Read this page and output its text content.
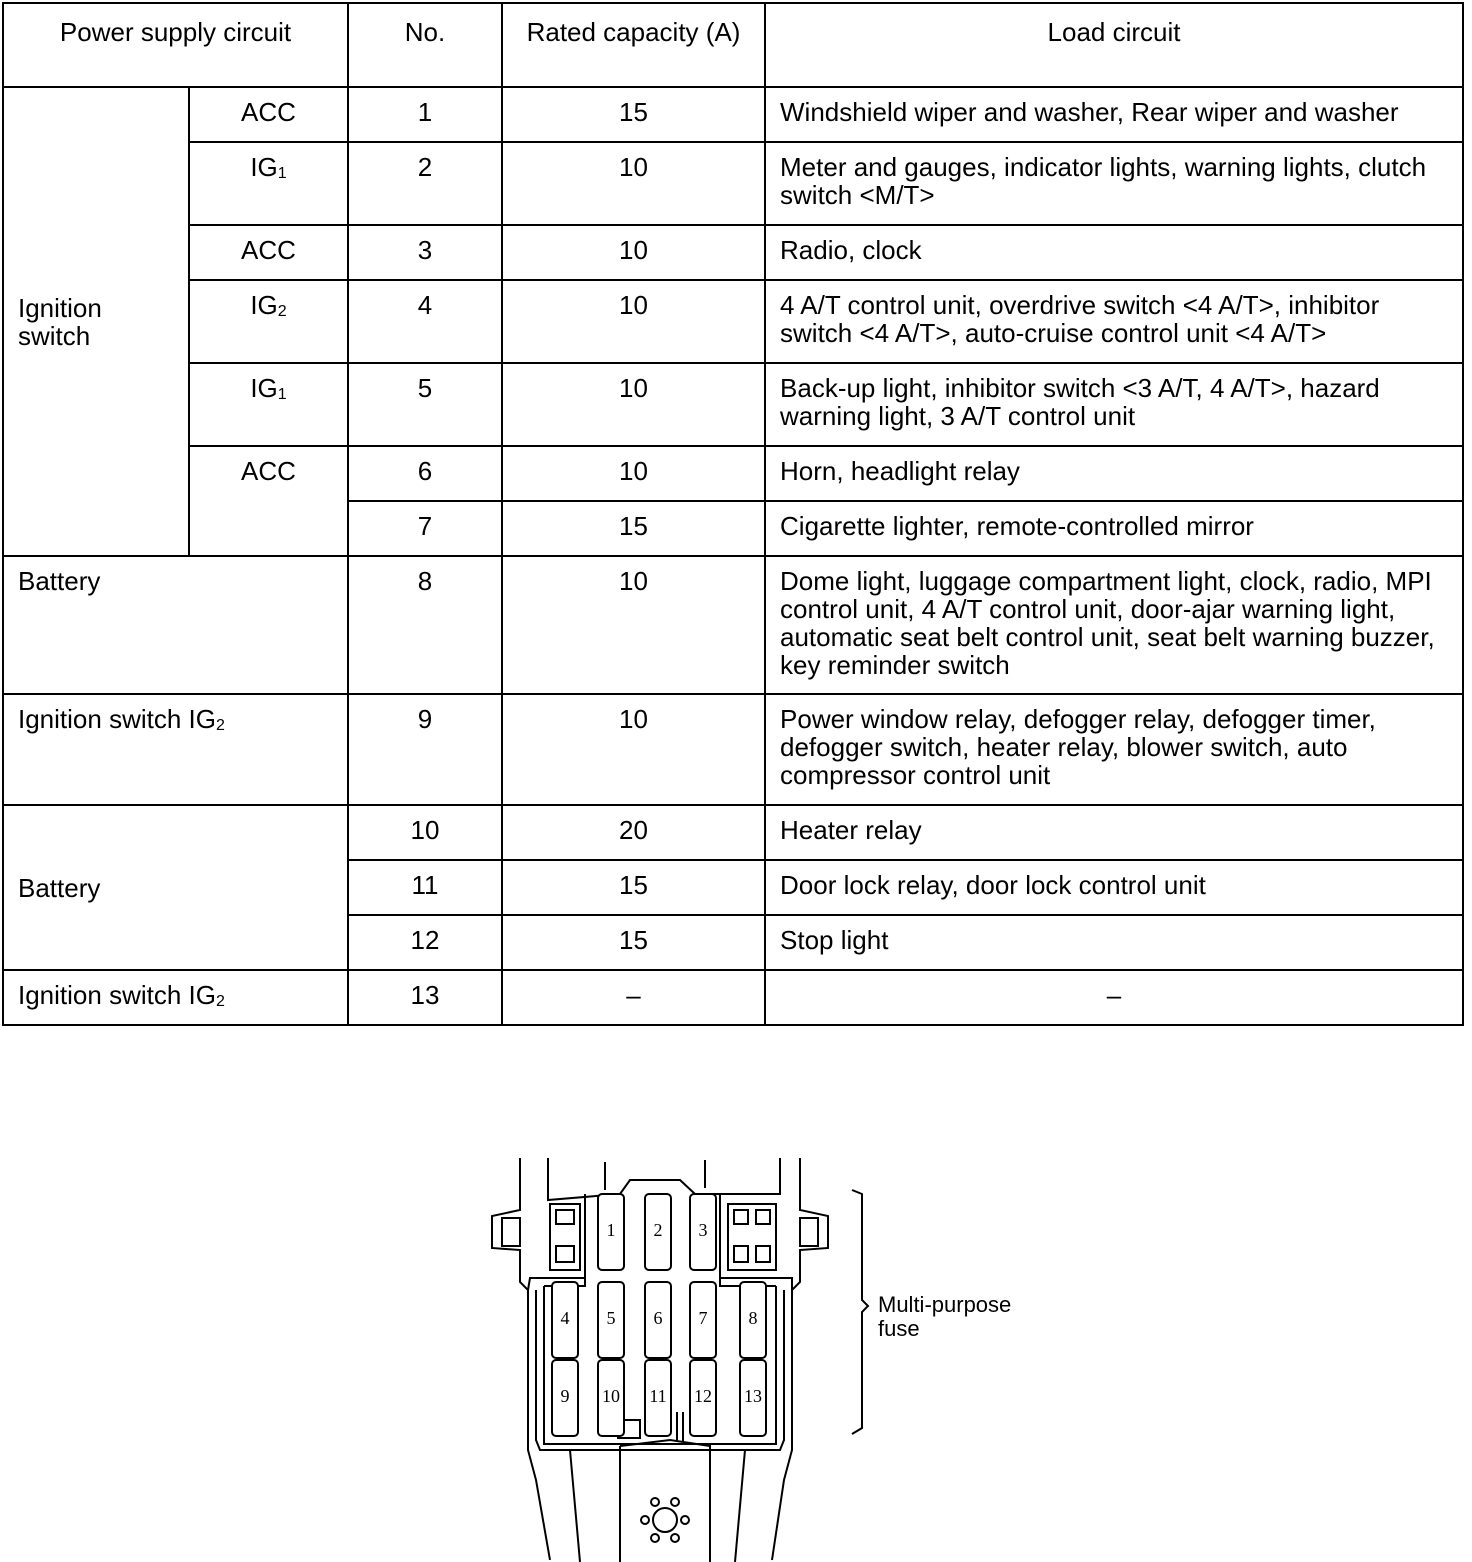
Power supply circuit		No.	Rated capacity (A)	Load circuit
Ignition switch	ACC	1	15	Windshield wiper and washer, Rear wiper and washer
	$IG_1$	2	10	Meter and gauges, indicator lights, warning lights, clutch switch <M/T>
	ACC	3	10	Radio, clock
	$IG_2$	4	10	4 A/T control unit, overdrive switch <4 A/T>, inhibitor switch <4 A/T>, auto-cruise control unit <4 A/T>
	$IG_1$	5	10	Back-up light, inhibitor switch <3 A/T, 4 A/T>, hazard warning light, 3 A/T control unit
	ACC	6	10	Horn, headlight relay
		7	15	Cigarette lighter, remote-controlled mirror
Battery		8	10	Dome light, luggage compartment light, clock, radio, MPI control unit, 4 A/T control unit, door-ajar warning light, automatic seat belt control unit, seat belt warning buzzer, key reminder switch
Ignition switch $IG_2$		9	10	Power window relay, defogger relay, defogger timer, defogger switch, heater relay, blower switch, auto compressor control unit
Battery		10	20	Heater relay
		11	15	Door lock relay, door lock control unit
		12	15	Stop light
Ignition switch $IG_2$		13	–	–
1 2 3
4 5 6 7 8
9 10 11 12 13
Multi-purpose fuse
